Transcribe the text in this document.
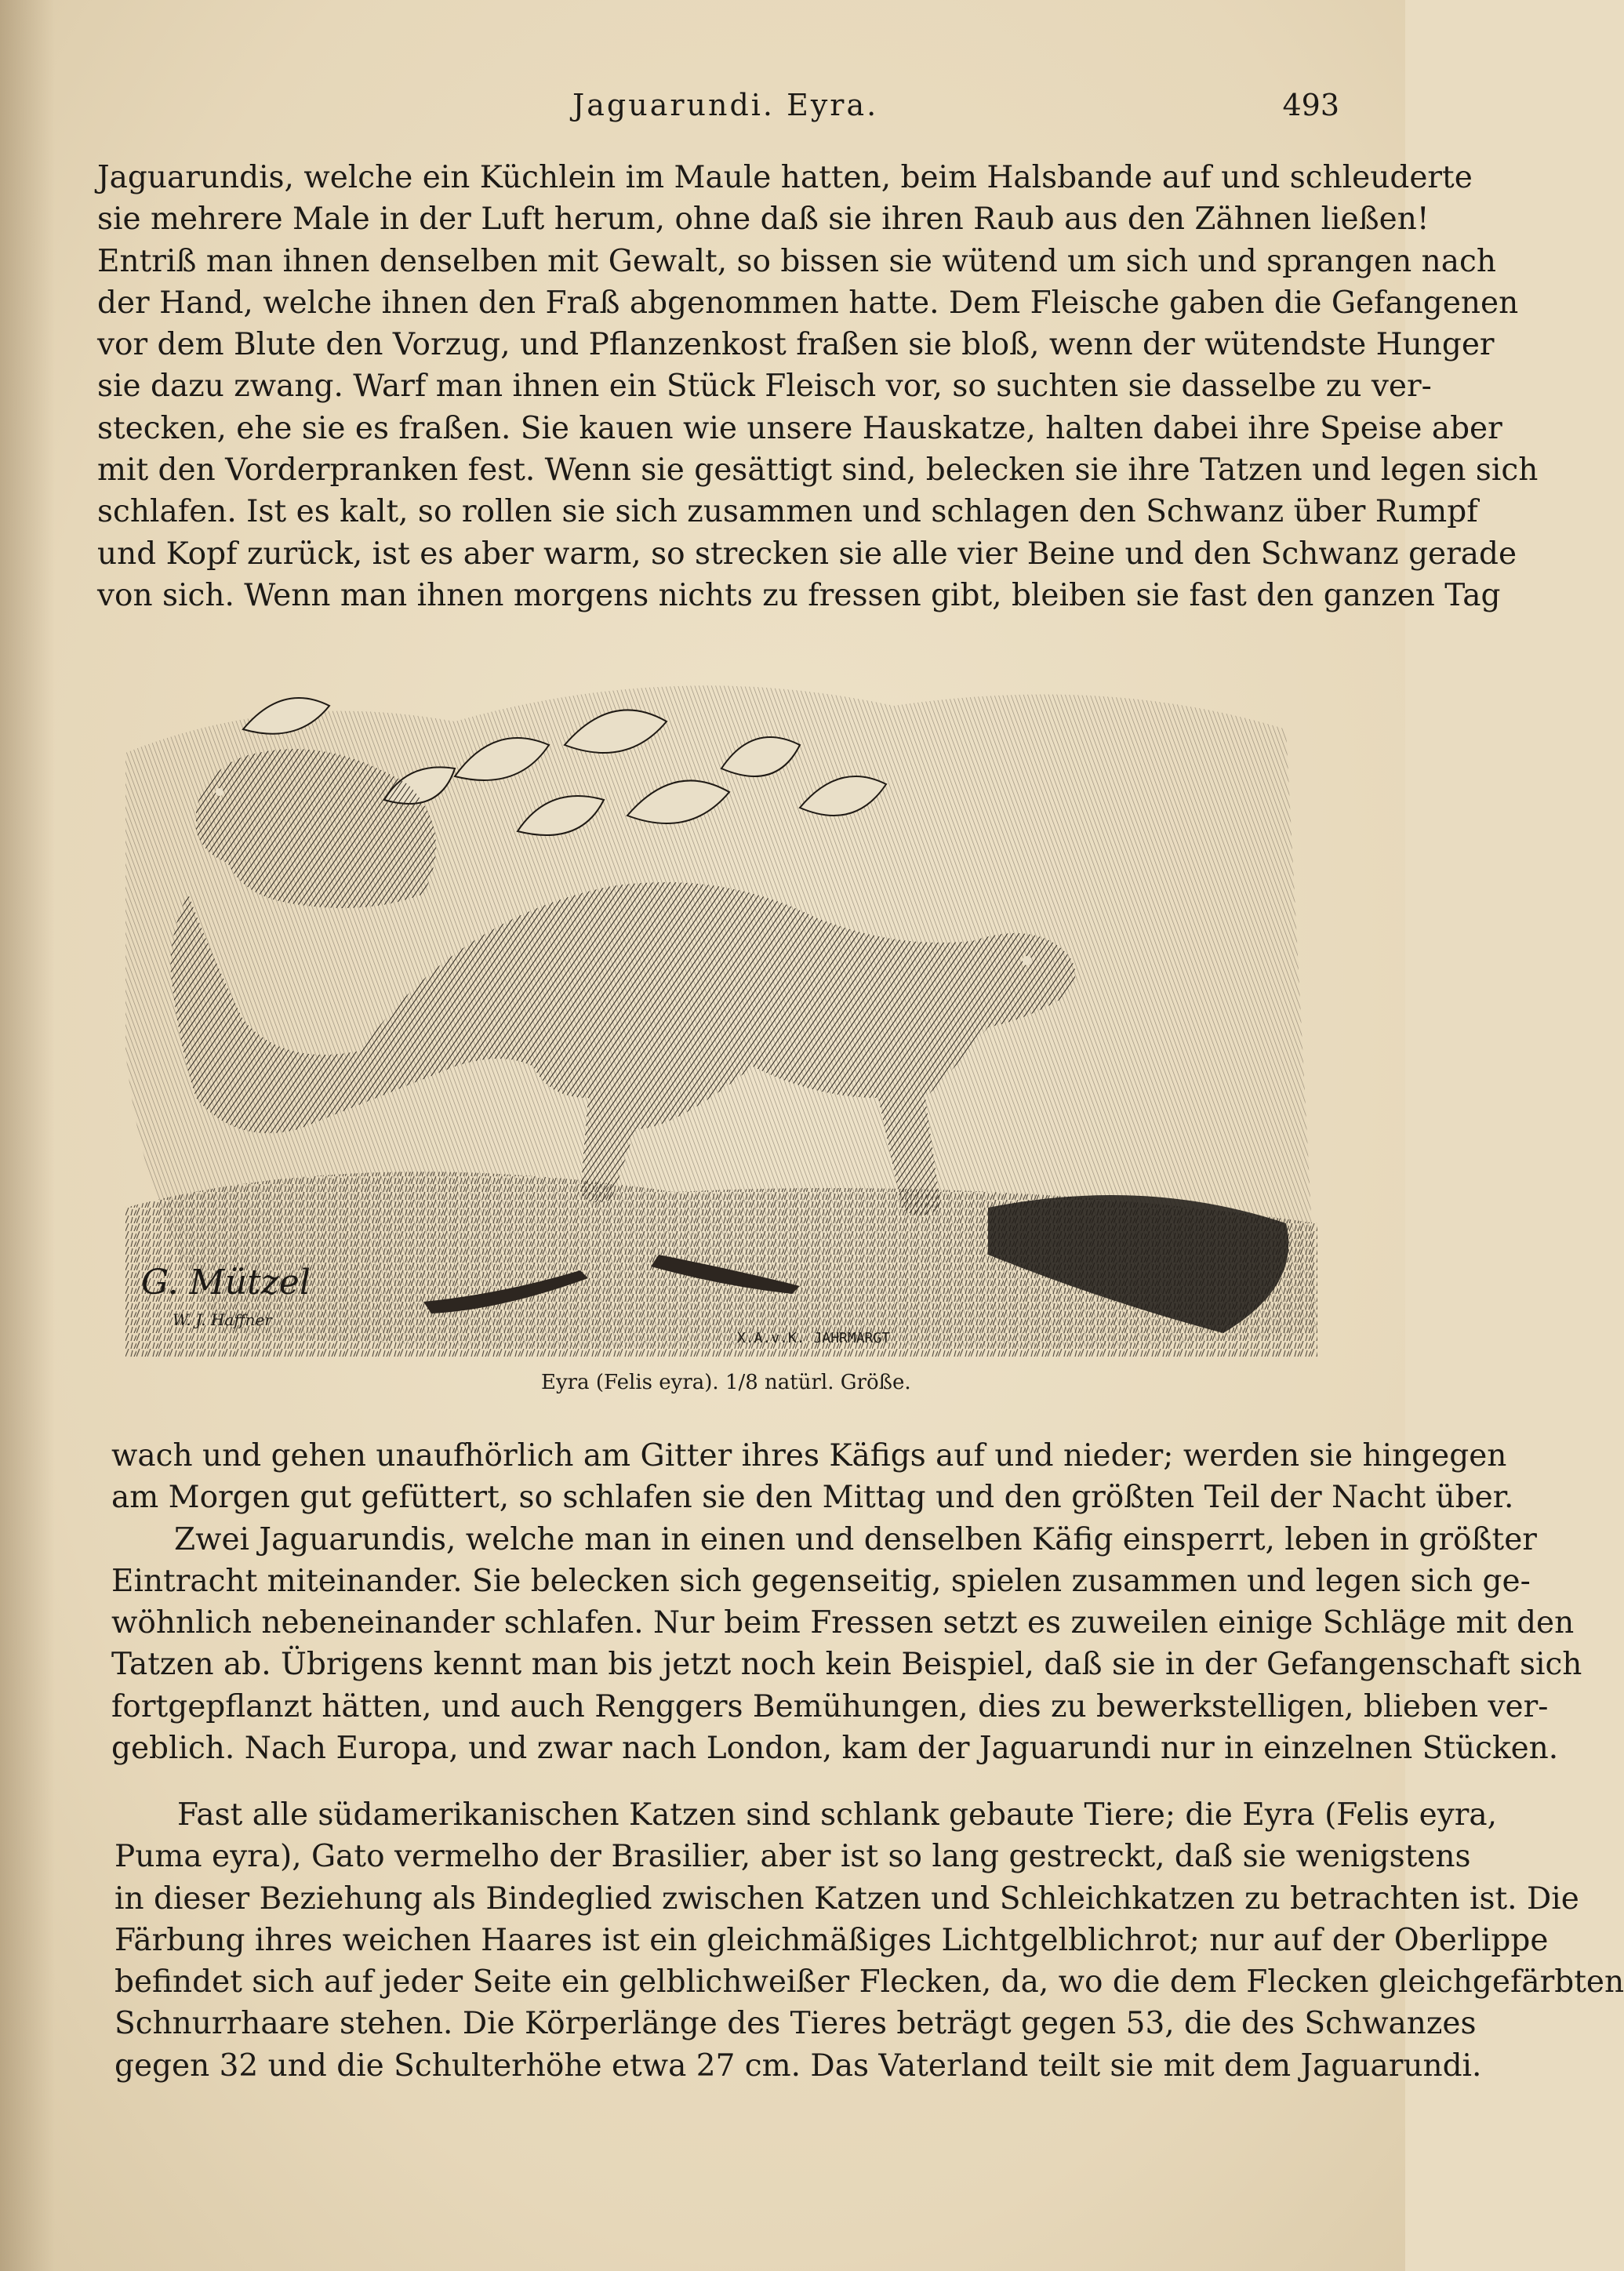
Jaguarundi. Eyra.	493

Jaguarundis, welche ein Küchlein im Maule hatten, beim Halsbande auf und schleuderte
sie mehrere Male in der Luft herum, ohne daß sie ihren Raub aus den Zähnen ließen!
Entriß man ihnen denselben mit Gewalt, so bissen sie wütend um sich und sprangen nach
der Hand, welche ihnen den Fraß abgenommen hatte. Dem Fleische gaben die Gefangenen
vor dem Blute den Vorzug, und Pflanzenkost fraßen sie bloß, wenn der wütendste Hunger
sie dazu zwang. Warf man ihnen ein Stück Fleisch vor, so suchten sie dasselbe zu ver-
stecken, ehe sie es fraßen. Sie kauen wie unsere Hauskatze, halten dabei ihre Speise aber
mit den Vorderpranken fest. Wenn sie gesättigt sind, belecken sie ihre Tatzen und legen sich
schlafen. Ist es kalt, so rollen sie sich zusammen und schlagen den Schwanz über Rumpf
und Kopf zurück, ist es aber warm, so strecken sie alle vier Beine und den Schwanz gerade
von sich. Wenn man ihnen morgens nichts zu fressen gibt, bleiben sie fast den ganzen Tag

G. Mützel
W. J. Haffner
X.A.v.K. JAHRMARGT
Eyra (Felis eyra). 1/8 natürl. Größe.

wach und gehen unaufhörlich am Gitter ihres Käfigs auf und nieder; werden sie hingegen
am Morgen gut gefüttert, so schlafen sie den Mittag und den größten Teil der Nacht über.
Zwei Jaguarundis, welche man in einen und denselben Käfig einsperrt, leben in größter
Eintracht miteinander. Sie belecken sich gegenseitig, spielen zusammen und legen sich ge-
wöhnlich nebeneinander schlafen. Nur beim Fressen setzt es zuweilen einige Schläge mit den
Tatzen ab. Übrigens kennt man bis jetzt noch kein Beispiel, daß sie in der Gefangenschaft sich
fortgepflanzt hätten, und auch Renggers Bemühungen, dies zu bewerkstelligen, blieben ver-
geblich. Nach Europa, und zwar nach London, kam der Jaguarundi nur in einzelnen Stücken.

Fast alle südamerikanischen Katzen sind schlank gebaute Tiere; die Eyra (Felis eyra,
Puma eyra), Gato vermelho der Brasilier, aber ist so lang gestreckt, daß sie wenigstens
in dieser Beziehung als Bindeglied zwischen Katzen und Schleichkatzen zu betrachten ist. Die
Färbung ihres weichen Haares ist ein gleichmäßiges Lichtgelblichrot; nur auf der Oberlippe
befindet sich auf jeder Seite ein gelblichweißer Flecken, da, wo die dem Flecken gleichgefärbten
Schnurrhaare stehen. Die Körperlänge des Tieres beträgt gegen 53, die des Schwanzes
gegen 32 und die Schulterhöhe etwa 27 cm. Das Vaterland teilt sie mit dem Jaguarundi.
